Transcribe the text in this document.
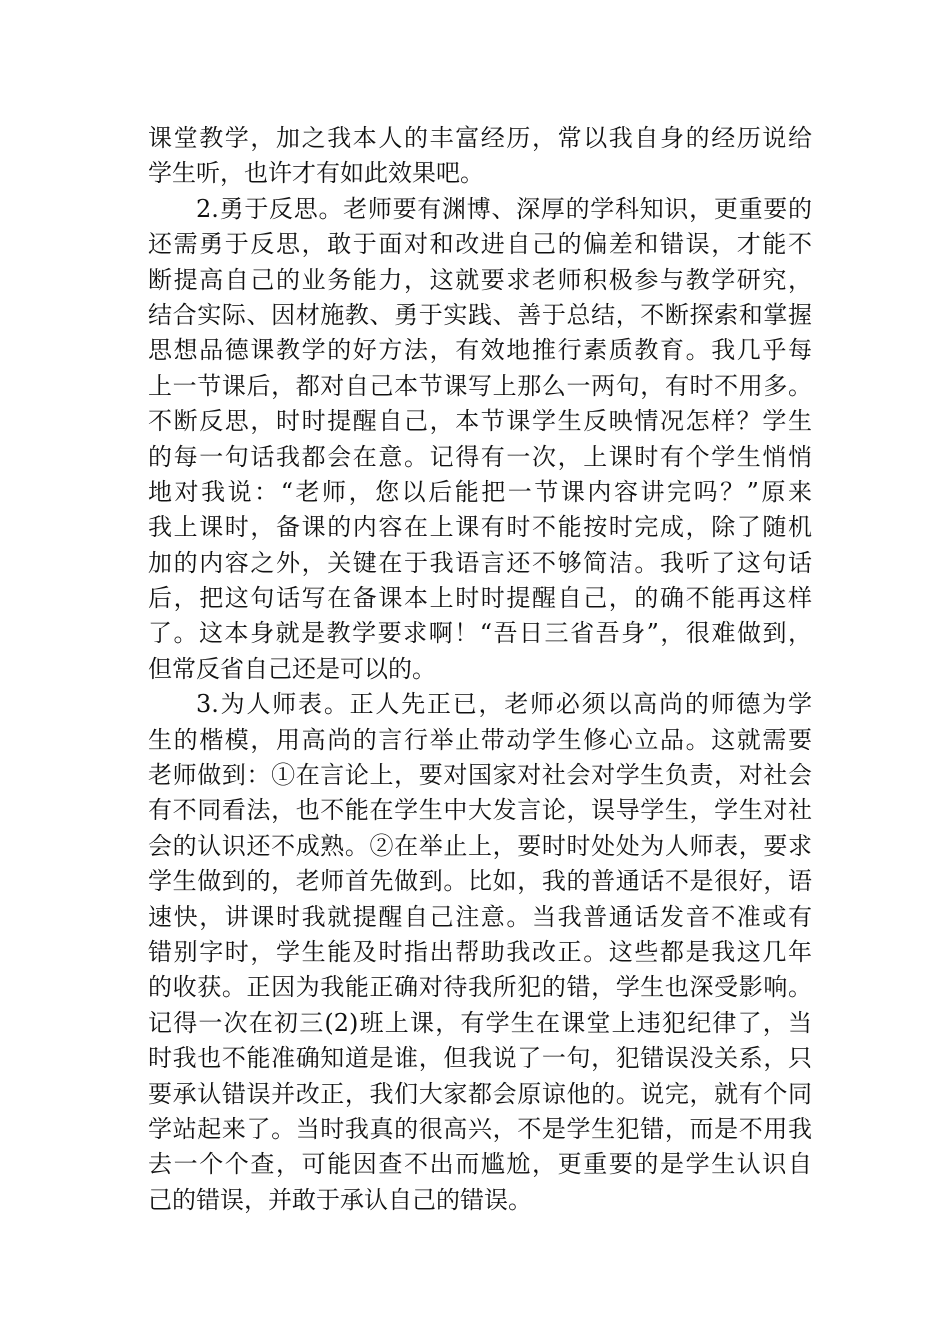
课堂教学，加之我本人的丰富经历，常以我自身的经历说给
学生听，也许才有如此效果吧。
2.勇于反思。老师要有渊博、深厚的学科知识，更重要的
还需勇于反思，敢于面对和改进自己的偏差和错误，才能不
断提高自己的业务能力，这就要求老师积极参与教学研究，
结合实际、因材施教、勇于实践、善于总结，不断探索和掌握
思想品德课教学的好方法，有效地推行素质教育。我几乎每
上一节课后，都对自己本节课写上那么一两句，有时不用多。
不断反思，时时提醒自己，本节课学生反映情况怎样？学生
的每一句话我都会在意。记得有一次，上课时有个学生悄悄
地对我说：“老师，您以后能把一节课内容讲完吗？”原来
我上课时，备课的内容在上课有时不能按时完成，除了随机
加的内容之外，关键在于我语言还不够简洁。我听了这句话
后，把这句话写在备课本上时时提醒自己，的确不能再这样
了。这本身就是教学要求啊！“吾日三省吾身”，很难做到，
但常反省自己还是可以的。
3.为人师表。正人先正已，老师必须以高尚的师德为学
生的楷模，用高尚的言行举止带动学生修心立品。这就需要
老师做到：①在言论上，要对国家对社会对学生负责，对社会
有不同看法，也不能在学生中大发言论，误导学生，学生对社
会的认识还不成熟。②在举止上，要时时处处为人师表，要求
学生做到的，老师首先做到。比如，我的普通话不是很好，语
速快，讲课时我就提醒自己注意。当我普通话发音不准或有
错别字时，学生能及时指出帮助我改正。这些都是我这几年
的收获。正因为我能正确对待我所犯的错，学生也深受影响。
记得一次在初三(2)班上课，有学生在课堂上违犯纪律了，当
时我也不能准确知道是谁，但我说了一句，犯错误没关系，只
要承认错误并改正，我们大家都会原谅他的。说完，就有个同
学站起来了。当时我真的很高兴，不是学生犯错，而是不用我
去一个个查，可能因查不出而尴尬，更重要的是学生认识自
己的错误，并敢于承认自己的错误。
